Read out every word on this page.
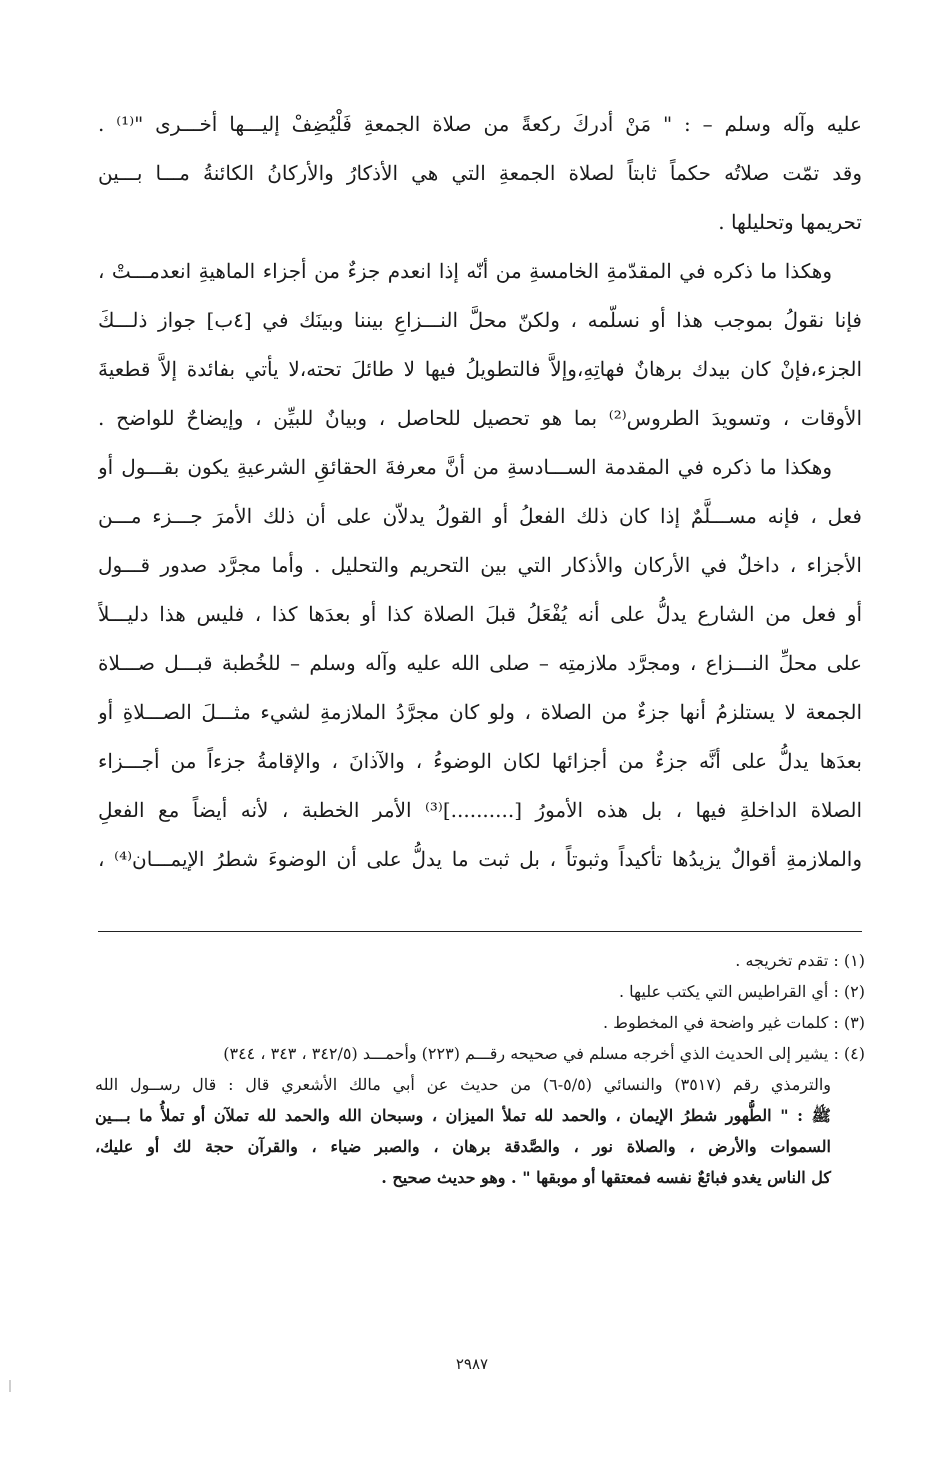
عليه وآله وسلم – : " مَنْ أدركَ ركعةً من صلاة الجمعةِ فَلْيُضِفْ إليـــها أخـــرى "⁽¹⁾ .
وقد تمّت صلاتُه حكماً ثابتاً لصلاة الجمعةِ التي هي الأذكارُ والأركانُ الكائنةُ مـــا بـــين
تحريمها وتحليلها .
وهكذا ما ذكره في المقدّمةِ الخامسةِ من أنّه إذا انعدم جزءٌ من أجزاء الماهيةِ انعدمـــتْ ،
فإنا نقولُ بموجب هذا أو نسلّمه ، ولكنّ محلَّ النـــزاعِ بيننا وبينَك في [٤ب] جواز ذلـــكَ
الجزء،فإنْ كان بيدك برهانٌ فهاتِهِ،وإلاَّ فالتطويلُ فيها لا طائلَ تحته،لا يأتي بفائدة إلاَّ قطعيةَ
الأوقات ، وتسويدَ الطروس⁽²⁾ بما هو تحصيل للحاصل ، وبيانٌ للبيِّن ، وإيضاحٌ للواضح .
وهكذا ما ذكره في المقدمة الســـادسةِ من أنَّ معرفةَ الحقائقِ الشرعيةِ يكون بقـــول أو
فعل ، فإنه مســـلَّمٌ إذا كان ذلك الفعلُ أو القولُ يدلاّن على أن ذلك الأمرَ جـــزء مـــن
الأجزاء ، داخلٌ في الأركان والأذكار التي بين التحريم والتحليل . وأما مجرَّد صدور قـــول
أو فعل من الشارع يدلُّ على أنه يُفْعَلُ قبلَ الصلاة كذا أو بعدَها كذا ، فليس هذا دليـــلاً
على محلِّ النـــزاع ، ومجرَّد ملازمتِه – صلى الله عليه وآله وسلم – للخُطبة قبـــل صـــلاة
الجمعة لا يستلزمُ أنها جزءٌ من الصلاة ، ولو كان مجرَّدُ الملازمةِ لشيء مثـــلَ الصـــلاةِ أو
بعدَها يدلُّ على أنَّه جزءٌ من أجزائها لكان الوضوءُ ، والآذانَ ، والإقامةُ جزءاً من أجـــزاء
الصلاة الداخلةِ فيها ، بل هذه الأمورُ [..........]⁽³⁾ الأمر الخطبة ، لأنه أيضاً مع الفعلِ
والملازمةِ أقوالٌ يزيدُها تأكيداً وثبوتاً ، بل ثبت ما يدلُّ على أن الوضوءَ شطرُ الإيمـــان⁽⁴⁾ ،
(١) : تقدم تخريجه .
(٢) : أي القراطيس التي يكتب عليها .
(٣) : كلمات غير واضحة في المخطوط .
(٤) : يشير إلى الحديث الذي أخرجه مسلم في صحيحه رقـــم (٢٢٣) وأحمـــد (٣٤٢/٥ ، ٣٤٣ ، ٣٤٤)
والترمذي رقم (٣٥١٧) والنسائي (٥/٥-٦) من حديث عن أبي مالك الأشعري قال : قال رســول الله
ﷺ : " الطُّهور شطرُ الإيمان ، والحمد لله تملأ الميزان ، وسبحان الله والحمد لله تملآن أو تملأُ ما بـــين
السموات والأرض ، والصلاة نور ، والصَّدقة برهان ، والصبر ضياء ، والقرآن حجة لك أو عليك،
كل الناس يغدو فبائعٌ نفسه فمعتقها أو موبقها " . وهو حديث صحيح .
٢٩٨٧
